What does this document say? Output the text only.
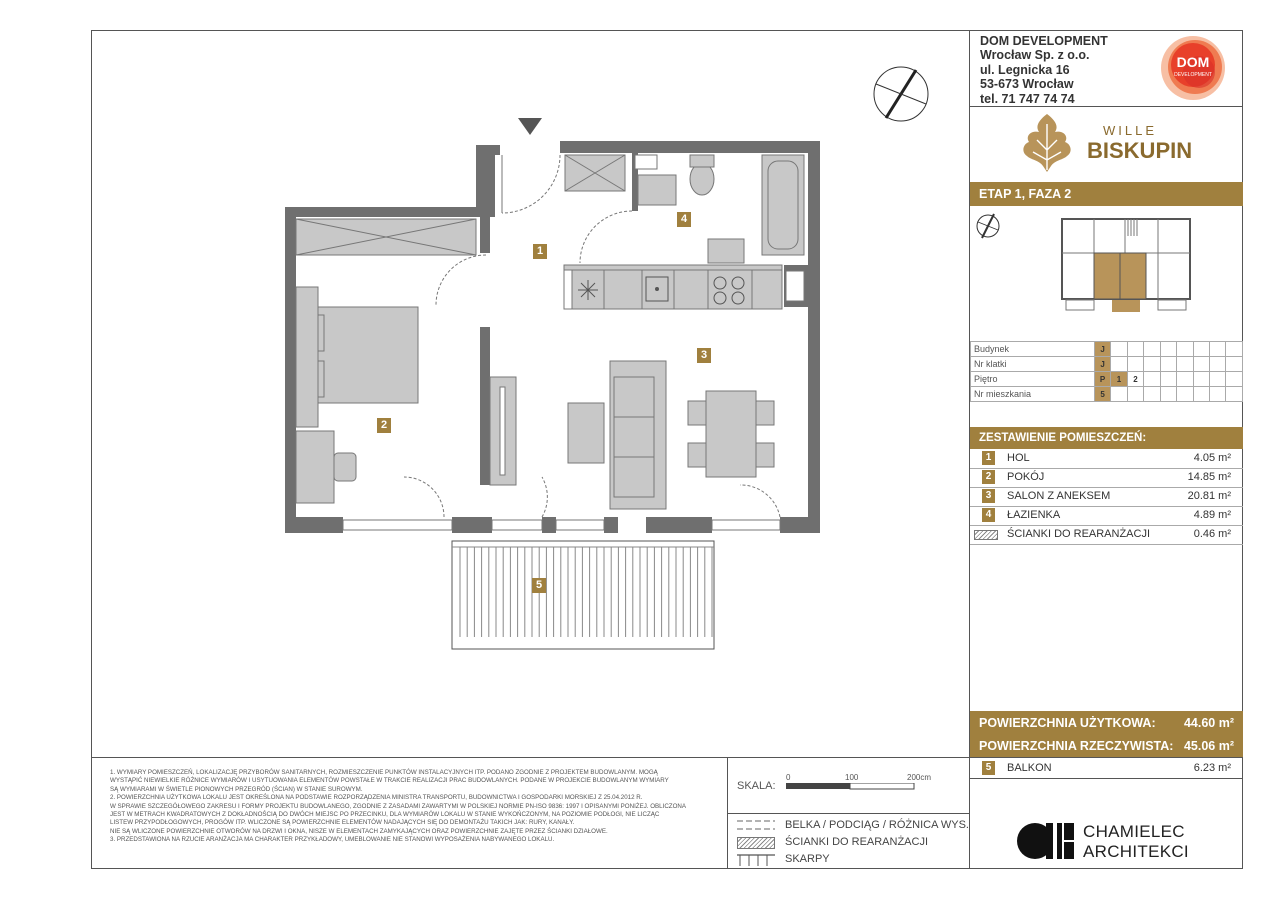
DOM DEVELOPMENT
Wrocław Sp. z o.o.
ul. Legnicka 16
53-673 Wrocław
tel. 71 747 74 74
DOM
DEVELOPMENT
WILLE
BISKUPIN
ETAP 1, FAZA 2
Budynek	J								
Nr klatki	J								
Piętro	P	1	2						
Nr mieszkania	5								
ZESTAWIENIE POMIESZCZEŃ:
1	HOL	4.05 m²
2	POKÓJ	14.85 m²
3	SALON Z ANEKSEM	20.81 m²
4	ŁAZIENKA	4.89 m²
ŚCIANKI DO REARANŻACJI	0.46 m²
POWIERZCHNIA UŻYTKOWA: 44.60 m²
POWIERZCHNIA RZECZYWISTA: 45.06 m²
5	BALKON	6.23 m²
1. WYMIARY POMIESZCZEŃ, LOKALIZACJĘ PRZYBORÓW SANITARNYCH, ROZMIESZCZENIE PUNKTÓW INSTALACYJNYCH ITP. PODANO ZGODNIE Z PROJEKTEM BUDOWLANYM. MOGĄ
WYSTĄPIĆ NIEWIELKIE RÓŻNICE WYMIARÓW I USYTUOWANIA ELEMENTÓW POWSTAŁE W TRAKCIE REALIZACJI PRAC BUDOWLANYCH. PODANE W PROJEKCIE BUDOWLANYM WYMIARY
SĄ WYMIARAMI W ŚWIETLE PIONOWYCH PRZEGRÓD (ŚCIAN) W STANIE SUROWYM.
2. POWIERZCHNIA UŻYTKOWA LOKALU JEST OKREŚLONA NA PODSTAWIE ROZPORZĄDZENIA MINISTRA TRANSPORTU, BUDOWNICTWA I GOSPODARKI MORSKIEJ Z 25.04.2012 R.
W SPRAWIE SZCZEGÓŁOWEGO ZAKRESU I FORMY PROJEKTU BUDOWLANEGO, ZGODNIE Z ZASADAMI ZAWARTYMI W POLSKIEJ NORMIE PN-ISO 9836: 1997 I OPISANYMI PONIŻEJ. OBLICZONA
JEST W METRACH KWADRATOWYCH Z DOKŁADNOŚCIĄ DO DWÓCH MIEJSC PO PRZECINKU, DLA WYMIARÓW LOKALU W STANIE WYKOŃCZONYM, NA POZIOMIE PODŁOGI, NIE LICZĄC
LISTEW PRZYPODŁOGOWYCH, PROGÓW ITP. WLICZONE SĄ POWIERZCHNIE ELEMENTÓW NADAJĄCYCH SIĘ DO DEMONTAŻU TAKICH JAK: RURY, KANAŁY.
NIE SĄ WLICZONE POWIERZCHNIE OTWORÓW NA DRZWI I OKNA, NISZE W ELEMENTACH ZAMYKAJĄCYCH ORAZ POWIERZCHNIE ZAJĘTE PRZEZ ŚCIANKI DZIAŁOWE.
3. PRZEDSTAWIONA NA RZUCIE ARANŻACJA MA CHARAKTER PRZYKŁADOWY, UMEBLOWANIE NIE STANOWI WYPOSAŻENIA NABYWANEGO LOKALU.
SKALA:
0	100	200cm
BELKA / PODCIĄG / RÓŻNICA WYS.
ŚCIANKI DO REARANŻACJI
SKARPY
CHAMIELEC
ARCHITEKCI
1
2
3
4
5
